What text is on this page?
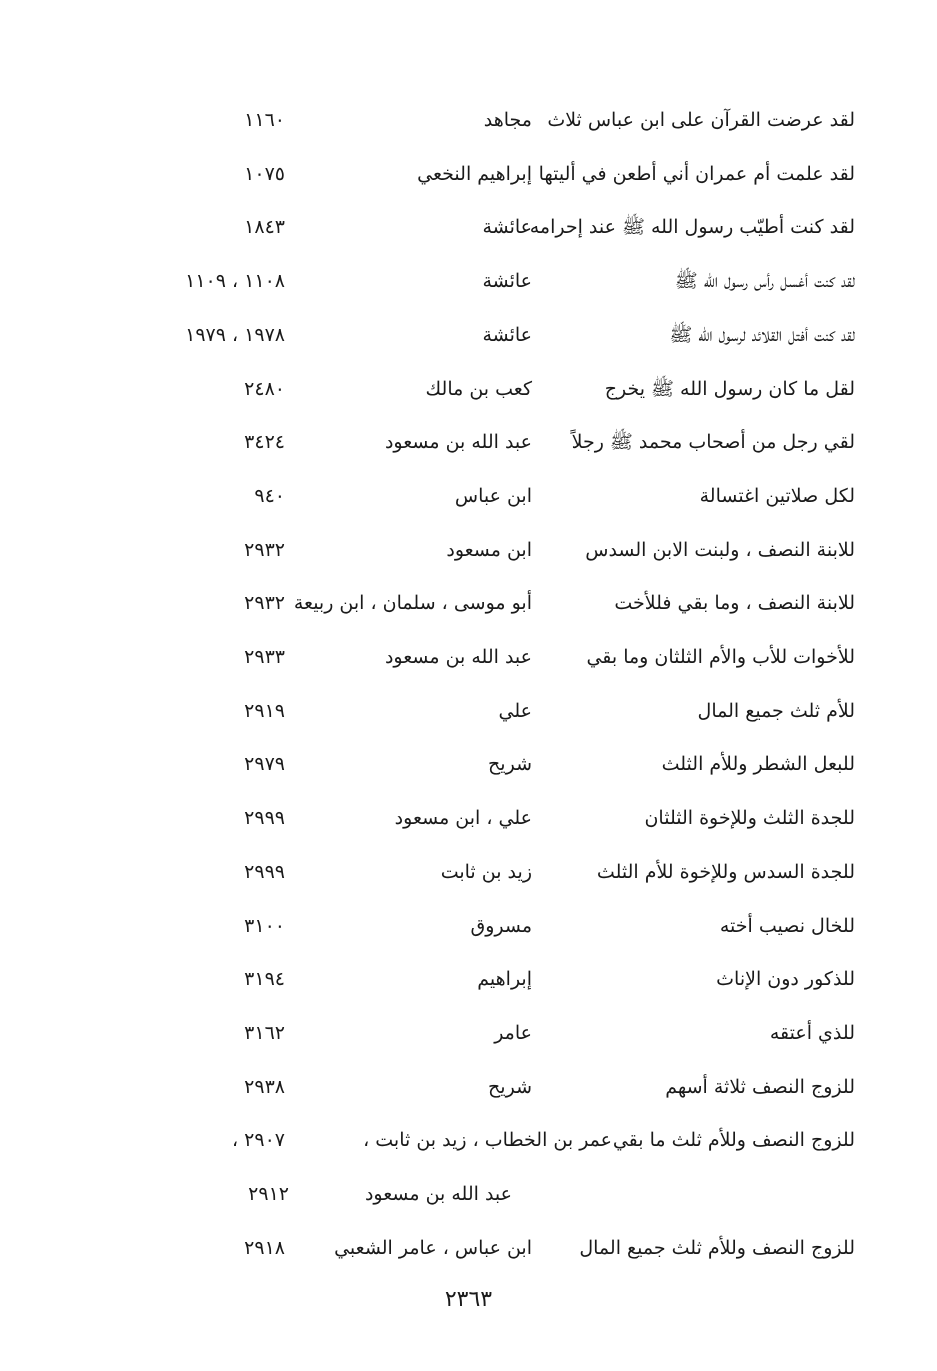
لقد عرضت القرآن على ابن عباس ثلاث
مجاهد
١١٦٠
لقد علمت أم عمران أني أطعن في أليتها
إبراهيم النخعي
١٠٧٥
لقد كنت أطيّب رسول الله ﷺ عند إحرامه
عائشة
١٨٤٣
لقد كنت أغسل رأس رسول الله ﷺ
عائشة
١١٠٨ ، ١١٠٩
لقد كنت أفتل القلائد لرسول الله ﷺ
عائشة
١٩٧٨ ، ١٩٧٩
لقل ما كان رسول الله ﷺ يخرج
كعب بن مالك
٢٤٨٠
لقي رجل من أصحاب محمد ﷺ رجلاً
عبد الله بن مسعود
٣٤٢٤
لكل صلاتين اغتسالة
ابن عباس
٩٤٠
للابنة النصف ، ولبنت الابن السدس
ابن مسعود
٢٩٣٢
للابنة النصف ، وما بقي فللأخت
أبو موسى ، سلمان ، ابن ربيعة
٢٩٣٢
للأخوات للأب والأم الثلثان وما بقي
عبد الله بن مسعود
٢٩٣٣
للأم ثلث جميع المال
علي
٢٩١٩
للبعل الشطر وللأم الثلث
شريح
٢٩٧٩
للجدة الثلث وللإخوة الثلثان
علي ، ابن مسعود
٢٩٩٩
للجدة السدس وللإخوة للأم الثلث
زيد بن ثابت
٢٩٩٩
للخال نصيب أخته
مسروق
٣١٠٠
للذكور دون الإناث
إبراهيم
٣١٩٤
للذي أعتقه
عامر
٣١٦٢
للزوج النصف ثلاثة أسهم
شريح
٢٩٣٨
للزوج النصف وللأم ثلث ما بقي
عمر بن الخطاب ، زيد بن ثابت ،
٢٩٠٧ ،
عبد الله بن مسعود
٢٩١٢
للزوج النصف وللأم ثلث جميع المال
ابن عباس ، عامر الشعبي
٢٩١٨
٢٣٦٣
